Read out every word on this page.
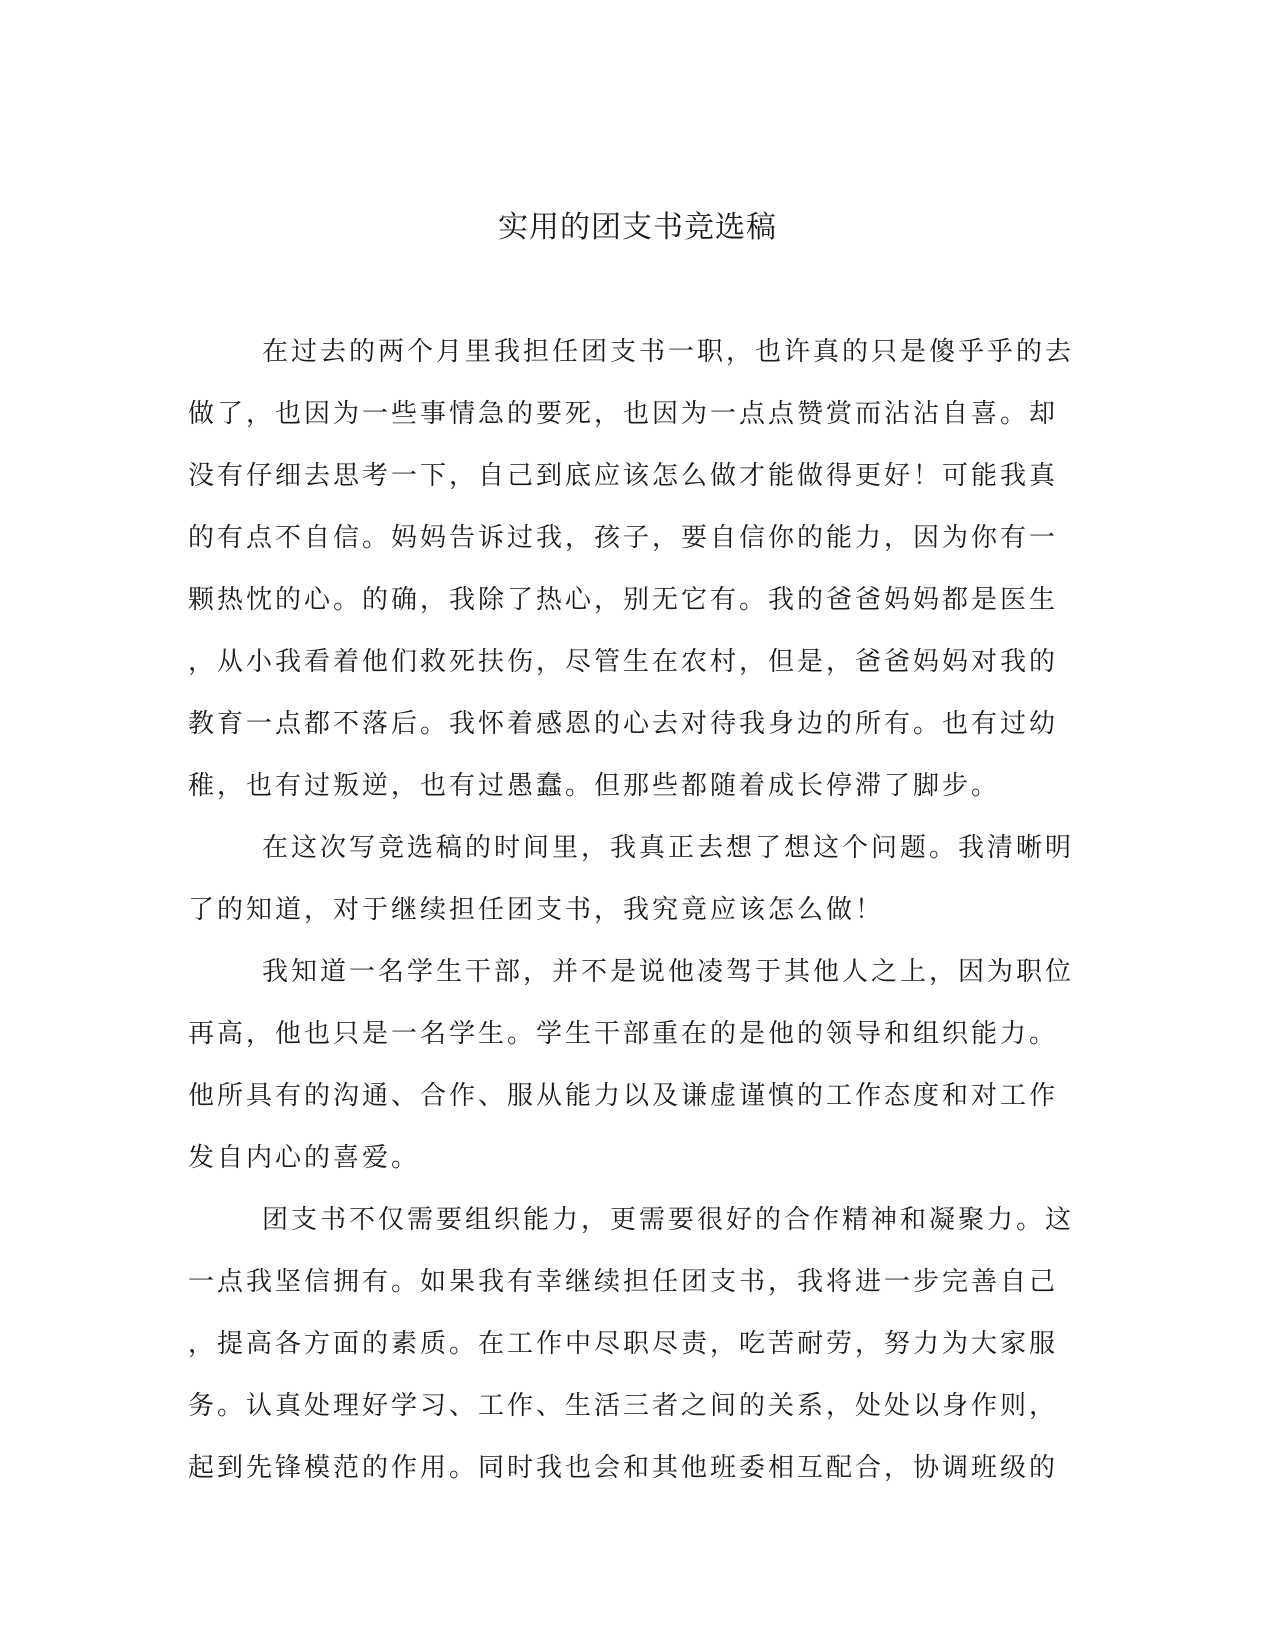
实用的团支书竞选稿
在过去的两个月里我担任团支书一职，也许真的只是傻乎乎的去
做了，也因为一些事情急的要死，也因为一点点赞赏而沾沾自喜。却
没有仔细去思考一下，自己到底应该怎么做才能做得更好！可能我真
的有点不自信。妈妈告诉过我，孩子，要自信你的能力，因为你有一
颗热忱的心。的确，我除了热心，别无它有。我的爸爸妈妈都是医生
，从小我看着他们救死扶伤，尽管生在农村，但是，爸爸妈妈对我的
教育一点都不落后。我怀着感恩的心去对待我身边的所有。也有过幼
稚，也有过叛逆，也有过愚蠢。但那些都随着成长停滞了脚步。
在这次写竞选稿的时间里，我真正去想了想这个问题。我清晰明
了的知道，对于继续担任团支书，我究竟应该怎么做！
我知道一名学生干部，并不是说他凌驾于其他人之上，因为职位
再高，他也只是一名学生。学生干部重在的是他的领导和组织能力。
他所具有的沟通、合作、服从能力以及谦虚谨慎的工作态度和对工作
发自内心的喜爱。
团支书不仅需要组织能力，更需要很好的合作精神和凝聚力。这
一点我坚信拥有。如果我有幸继续担任团支书，我将进一步完善自己
，提高各方面的素质。在工作中尽职尽责，吃苦耐劳，努力为大家服
务。认真处理好学习、工作、生活三者之间的关系，处处以身作则，
起到先锋模范的作用。同时我也会和其他班委相互配合，协调班级的
